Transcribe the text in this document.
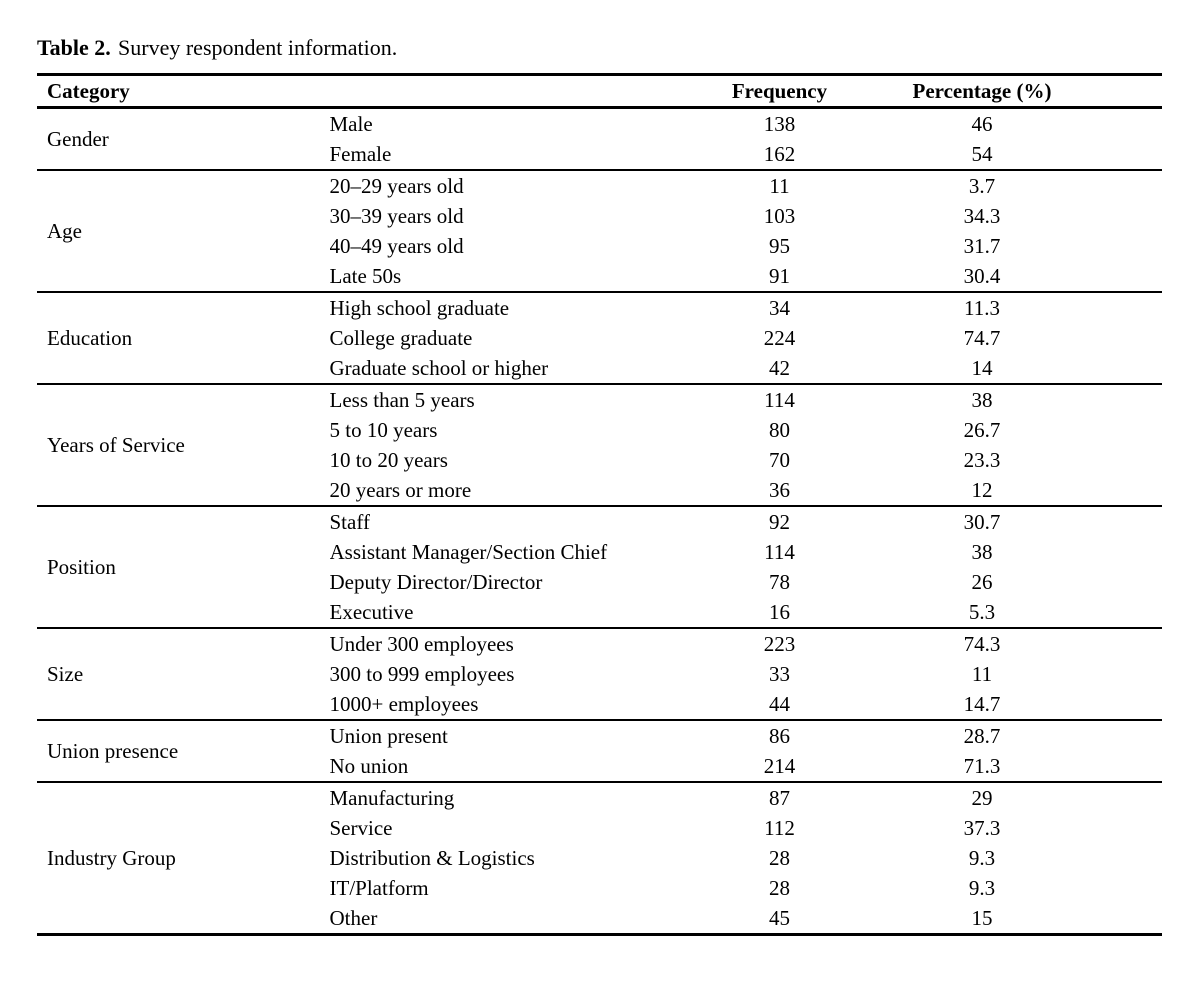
Table 2. Survey respondent information.

Category	Frequency	Percentage (%)
Gender
Male	138	46
Female	162	54
Age
20–29 years old	11	3.7
30–39 years old	103	34.3
40–49 years old	95	31.7
Late 50s	91	30.4
Education
High school graduate	34	11.3
College graduate	224	74.7
Graduate school or higher	42	14
Years of Service
Less than 5 years	114	38
5 to 10 years	80	26.7
10 to 20 years	70	23.3
20 years or more	36	12
Position
Staff	92	30.7
Assistant Manager/Section Chief	114	38
Deputy Director/Director	78	26
Executive	16	5.3
Size
Under 300 employees	223	74.3
300 to 999 employees	33	11
1000+ employees	44	14.7
Union presence
Union present	86	28.7
No union	214	71.3
Industry Group
Manufacturing	87	29
Service	112	37.3
Distribution & Logistics	28	9.3
IT/Platform	28	9.3
Other	45	15
